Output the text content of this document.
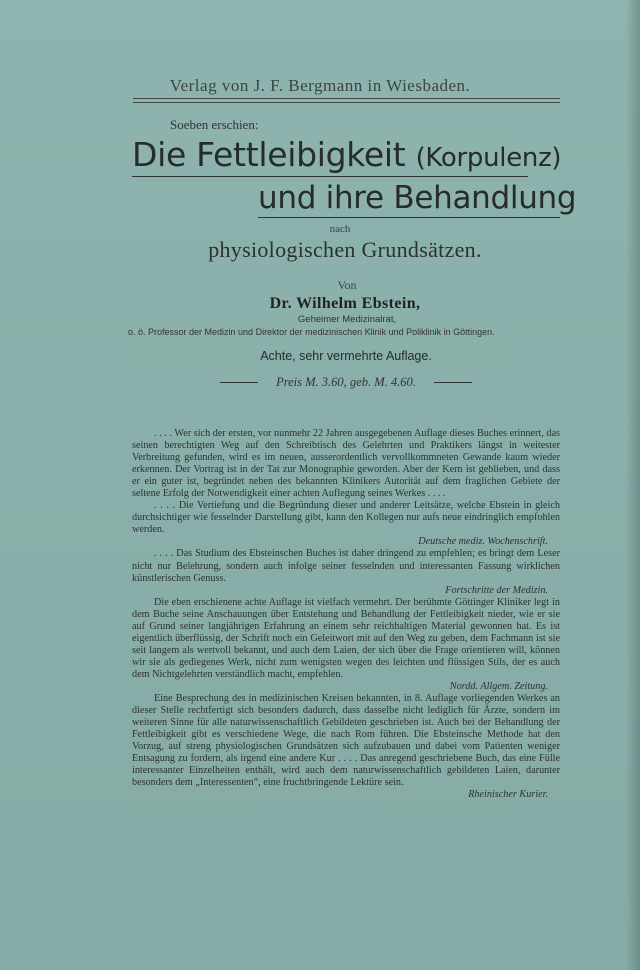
Verlag von J. F. Bergmann in Wiesbaden.
Soeben erschien:
Die Fettleibigkeit (Korpulenz)
und ihre Behandlung
nach
physiologischen Grundsätzen.
Von
Dr. Wilhelm Ebstein,
Geheimer Medizinalrat,
o. ö. Professor der Medizin und Direktor der medizinischen Klinik und Poliklinik in Göttingen.
Achte, sehr vermehrte Auflage.
Preis M. 3.60, geb. M. 4.60.

. . . . Wer sich der ersten, vor nunmehr 22 Jahren ausgegebenen Auflage dieses Buches erinnert, das seinen berechtigten Weg auf den Schreibtisch des Gelehrten und Praktikers längst in weitester Verbreitung gefunden, wird es im neuen, ausserordentlich vervollkommneten Gewande kaum wieder erkennen. Der Vortrag ist in der Tat zur Monographie geworden. Aber der Kern ist geblieben, und dass er ein guter ist, begründet neben des bekannten Klinikers Autorität auf dem fraglichen Gebiete der seltene Erfolg der Notwendigkeit einer achten Auflegung seines Werkes . . . .

. . . . Die Vertiefung und die Begründung dieser und anderer Leitsätze, welche Ebstein in gleich durchsichtiger wie fesselnder Darstellung gibt, kann den Kollegen nur aufs neue eindringlich empfohlen werden.

Deutsche mediz. Wochenschrift.

. . . . Das Studium des Ebsteinschen Buches ist daher dringend zu empfehlen; es bringt dem Leser nicht nur Belehrung, sondern auch infolge seiner fesselnden und interessanten Fassung wirklichen künstlerischen Genuss.

Fortschritte der Medizin.

Die eben erschienene achte Auflage ist vielfach vermehrt. Der berühmte Göttinger Kliniker legt in dem Buche seine Anschauungen über Entstehung und Behandlung der Fettleibigkeit nieder, wie er sie auf Grund seiner langjährigen Erfahrung an einem sehr reichhaltigen Material gewonnen hat. Es ist eigentlich überflüssig, der Schrift noch ein Geleitwort mit auf den Weg zu geben, dem Fachmann ist sie seit langem als wertvoll bekannt, und auch dem Laien, der sich über die Frage orientieren will, können wir sie als gediegenes Werk, nicht zum wenigsten wegen des leichten und flüssigen Stils, der es auch dem Nichtgelehrten verständlich macht, empfehlen.

Nordd. Allgem. Zeitung.

Eine Besprechung des in medizinischen Kreisen bekannten, in 8. Auflage vorliegenden Werkes an dieser Stelle rechtfertigt sich besonders dadurch, dass dasselbe nicht lediglich für Ärzte, sondern im weiteren Sinne für alle naturwissenschaftlich Gebildeten geschrieben ist. Auch bei der Behandlung der Fettleibigkeit gibt es verschiedene Wege, die nach Rom führen. Die Ebsteinsche Methode hat den Vorzug, auf streng physiologischen Grundsätzen sich aufzubauen und dabei vom Patienten weniger Entsagung zu fordern, als irgend eine andere Kur . . . . Das anregend geschriebene Buch, das eine Fülle interessanter Einzelheiten enthält, wird auch dem naturwissenschaftlich gebildeten Laien, darunter besonders dem „Interessenten“, eine fruchtbringende Lektüre sein.

Rheinischer Kurier.
